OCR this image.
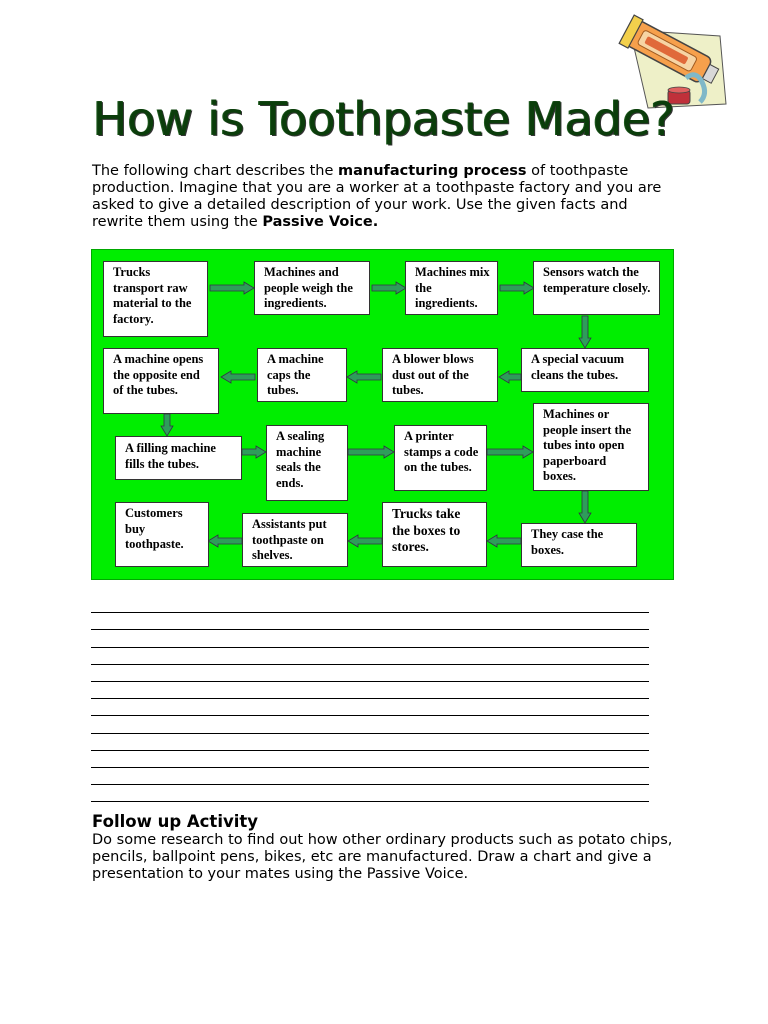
How is Toothpaste Made?

The following chart describes the manufacturing process of toothpaste production. Imagine that you are a worker at a toothpaste factory and you are asked to give a detailed description of your work. Use the given facts and rewrite them using the Passive Voice.

Trucks transport raw material to the factory.
Machines and people weigh the ingredients.
Machines mix the ingredients.
Sensors watch the temperature closely.
A machine opens the opposite end of the tubes.
A machine caps the tubes.
A blower blows dust out of the tubes.
A special vacuum cleans the tubes.
A filling machine fills the tubes.
A sealing machine seals the ends.
A printer stamps a code on the tubes.
Machines or people insert the tubes into open paperboard boxes.
Customers buy toothpaste.
Assistants put toothpaste on shelves.
Trucks take the boxes to stores.
They case the boxes.
Follow up Activity

Do some research to find out how other ordinary products such as potato chips, pencils, ballpoint pens, bikes, etc are manufactured. Draw a chart and give a presentation to your mates using the Passive Voice.
